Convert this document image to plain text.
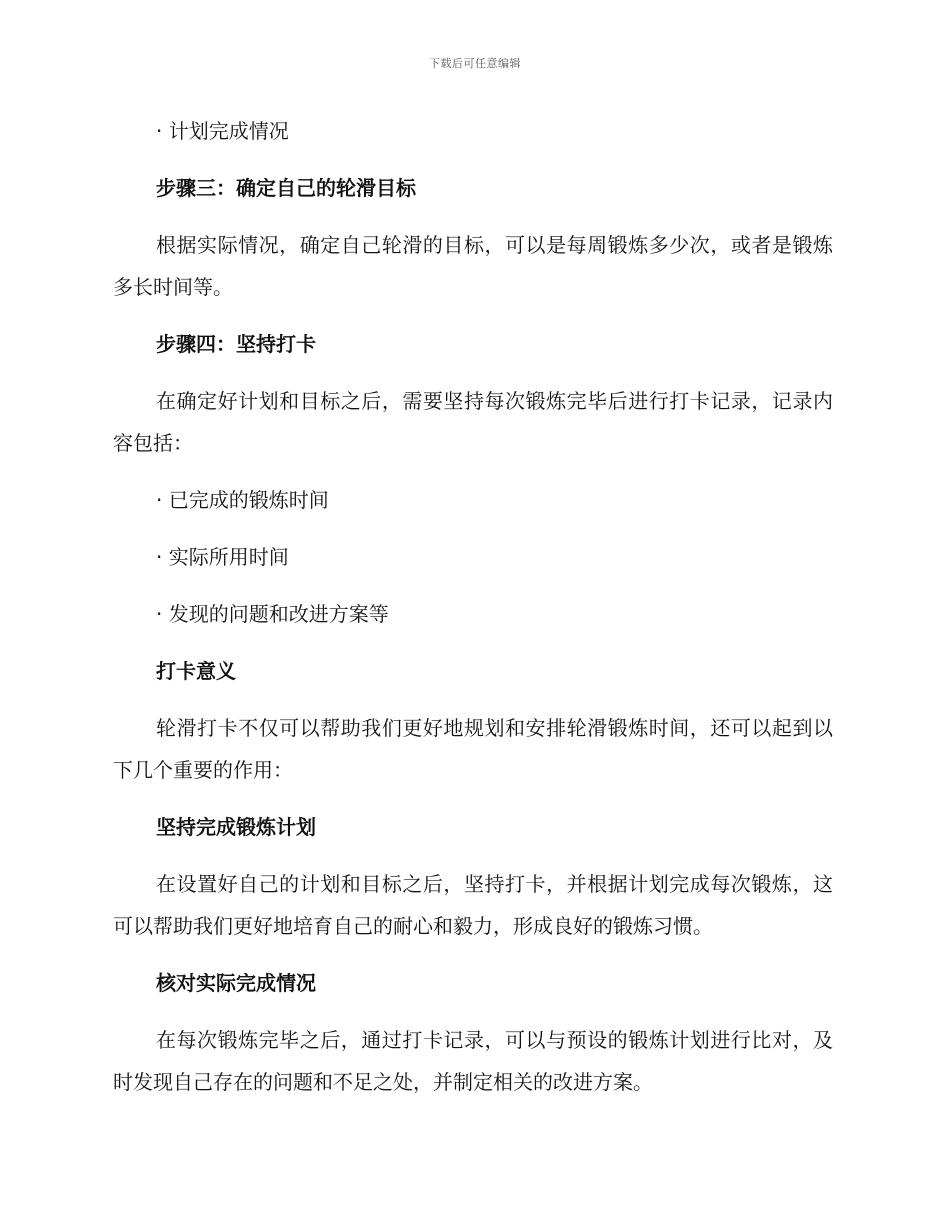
下载后可任意编辑

· 计划完成情况

步骤三：确定自己的轮滑目标

根据实际情况，确定自己轮滑的目标，可以是每周锻炼多少次，或者是锻炼多长时间等。

步骤四：坚持打卡

在确定好计划和目标之后，需要坚持每次锻炼完毕后进行打卡记录，记录内容包括：

· 已完成的锻炼时间

· 实际所用时间

· 发现的问题和改进方案等

打卡意义

轮滑打卡不仅可以帮助我们更好地规划和安排轮滑锻炼时间，还可以起到以下几个重要的作用：

坚持完成锻炼计划

在设置好自己的计划和目标之后，坚持打卡，并根据计划完成每次锻炼，这可以帮助我们更好地培育自己的耐心和毅力，形成良好的锻炼习惯。

核对实际完成情况

在每次锻炼完毕之后，通过打卡记录，可以与预设的锻炼计划进行比对，及时发现自己存在的问题和不足之处，并制定相关的改进方案。
